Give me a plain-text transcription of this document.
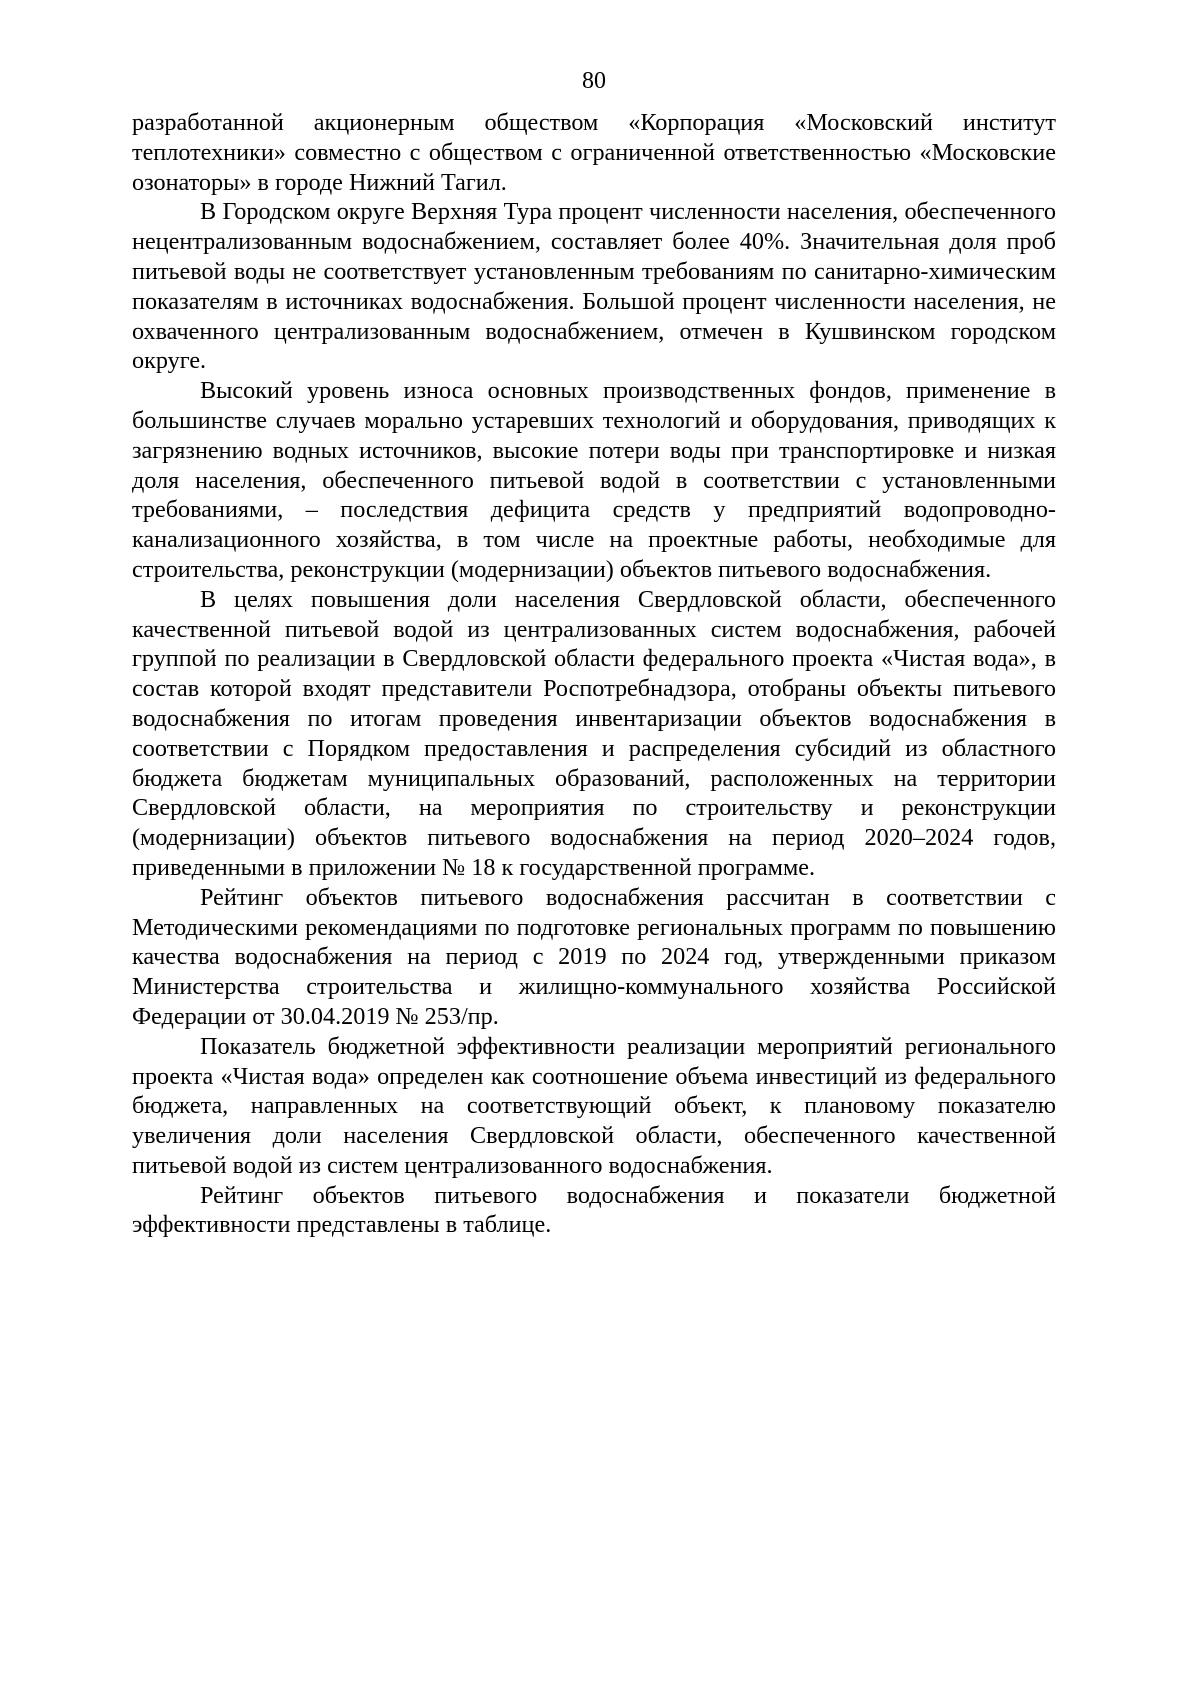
80

разработанной акционерным обществом «Корпорация «Московский институт теплотехники» совместно с обществом с ограниченной ответственностью «Московские озонаторы» в городе Нижний Тагил.

В Городском округе Верхняя Тура процент численности населения, обеспеченного нецентрализованным водоснабжением, составляет более 40%. Значительная доля проб питьевой воды не соответствует установленным требованиям по санитарно-химическим показателям в источниках водоснабжения. Большой процент численности населения, не охваченного централизованным водоснабжением, отмечен в Кушвинском городском округе.

Высокий уровень износа основных производственных фондов, применение в большинстве случаев морально устаревших технологий и оборудования, приводящих к загрязнению водных источников, высокие потери воды при транспортировке и низкая доля населения, обеспеченного питьевой водой в соответствии с установленными требованиями, – последствия дефицита средств у предприятий водопроводно-канализационного хозяйства, в том числе на проектные работы, необходимые для строительства, реконструкции (модернизации) объектов питьевого водоснабжения.

В целях повышения доли населения Свердловской области, обеспеченного качественной питьевой водой из централизованных систем водоснабжения, рабочей группой по реализации в Свердловской области федерального проекта «Чистая вода», в состав которой входят представители Роспотребнадзора, отобраны объекты питьевого водоснабжения по итогам проведения инвентаризации объектов водоснабжения в соответствии с Порядком предоставления и распределения субсидий из областного бюджета бюджетам муниципальных образований, расположенных на территории Свердловской области, на мероприятия по строительству и реконструкции (модернизации) объектов питьевого водоснабжения на период 2020–2024 годов, приведенными в приложении № 18 к государственной программе.

Рейтинг объектов питьевого водоснабжения рассчитан в соответствии с Методическими рекомендациями по подготовке региональных программ по повышению качества водоснабжения на период с 2019 по 2024 год, утвержденными приказом Министерства строительства и жилищно-коммунального хозяйства Российской Федерации от 30.04.2019 № 253/пр.

Показатель бюджетной эффективности реализации мероприятий регионального проекта «Чистая вода» определен как соотношение объема инвестиций из федерального бюджета, направленных на соответствующий объект, к плановому показателю увеличения доли населения Свердловской области, обеспеченного качественной питьевой водой из систем централизованного водоснабжения.

Рейтинг объектов питьевого водоснабжения и показатели бюджетной эффективности представлены в таблице.
